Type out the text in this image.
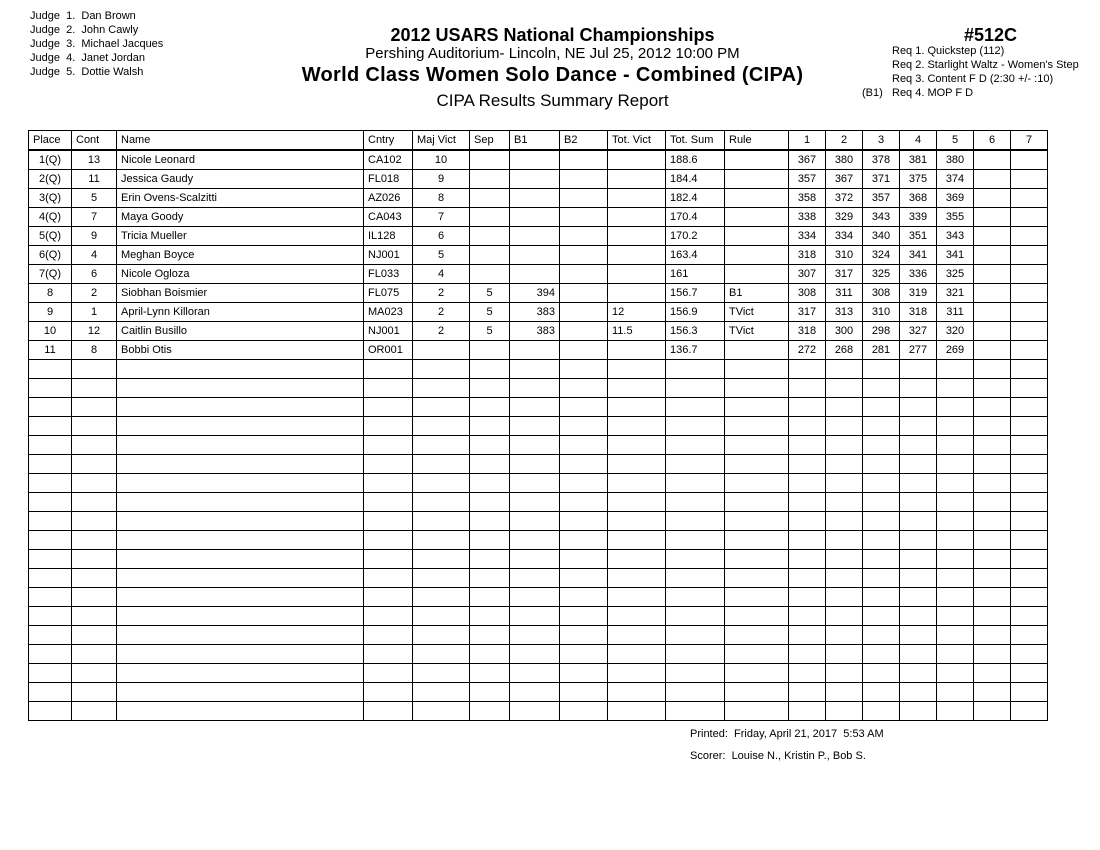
Judge  1.  Dan Brown
Judge  2.  John Cawly
Judge  3.  Michael Jacques
Judge  4.  Janet Jordan
Judge  5.  Dottie Walsh
2012 USARS National Championships
Pershing Auditorium- Lincoln, NE Jul 25, 2012 10:00 PM
World Class Women Solo Dance - Combined (CIPA)
CIPA Results Summary Report
#512C
Req 1. Quickstep (112)
Req 2. Starlight Waltz - Women's Step
Req 3. Content F D (2:30 +/- :10)
(B1) Req 4. MOP F D
Place	Cont	Name	Cntry	Maj Vict	Sep	B1	B2	Tot. Vict	Tot. Sum	Rule	1	2	3	4	5	6	7
1(Q)	13	Nicole Leonard	CA102	10					188.6		367	380	378	381	380		
2(Q)	11	Jessica Gaudy	FL018	9					184.4		357	367	371	375	374		
3(Q)	5	Erin Ovens-Scalzitti	AZ026	8					182.4		358	372	357	368	369		
4(Q)	7	Maya Goody	CA043	7					170.4		338	329	343	339	355		
5(Q)	9	Tricia Mueller	IL128	6					170.2		334	334	340	351	343		
6(Q)	4	Meghan Boyce	NJ001	5					163.4		318	310	324	341	341		
7(Q)	6	Nicole Ogloza	FL033	4					161		307	317	325	336	325		
8	2	Siobhan Boismier	FL075	2	5	394			156.7	B1	308	311	308	319	321		
9	1	April-Lynn Killoran	MA023	2	5	383		12	156.9	TVict	317	313	310	318	311		
10	12	Caitlin Busillo	NJ001	2	5	383		11.5	156.3	TVict	318	300	298	327	320		
11	8	Bobbi Otis	OR001						136.7		272	268	281	277	269		

Printed:  Friday, April 21, 2017  5:53 AM
Scorer:  Louise N., Kristin P., Bob S.
